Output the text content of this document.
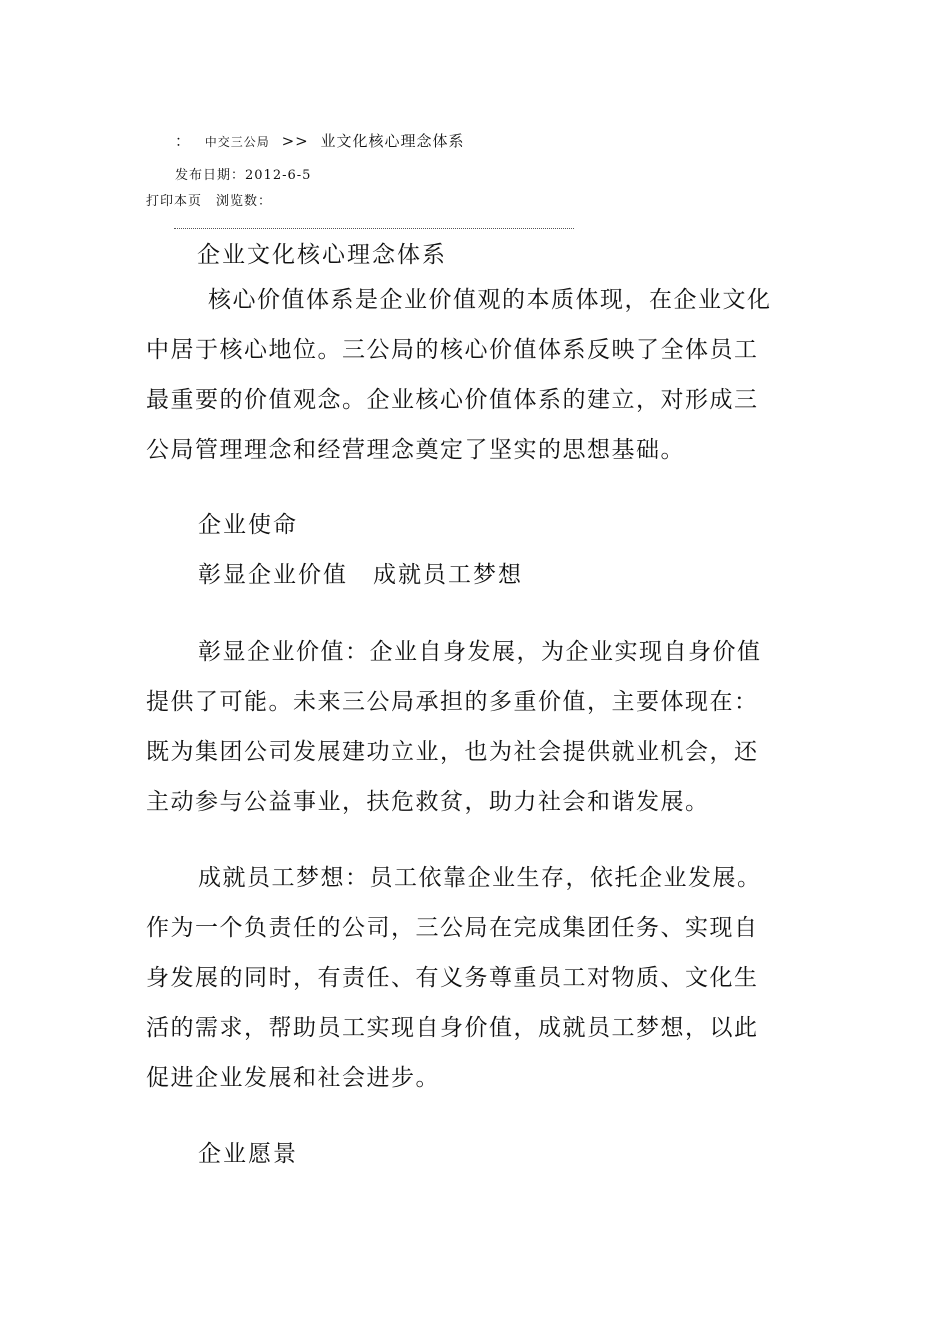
： 中交三公局 >> 业文化核心理念体系
发布日期：2012-6-5
打印本页 浏览数：
企业文化核心理念体系
核心价值体系是企业价值观的本质体现，在企业文化
中居于核心地位。三公局的核心价值体系反映了全体员工
最重要的价值观念。企业核心价值体系的建立，对形成三
公局管理理念和经营理念奠定了坚实的思想基础。
企业使命
彰显企业价值　成就员工梦想
彰显企业价值：企业自身发展，为企业实现自身价值
提供了可能。未来三公局承担的多重价值，主要体现在：
既为集团公司发展建功立业，也为社会提供就业机会，还
主动参与公益事业，扶危救贫，助力社会和谐发展。
成就员工梦想：员工依靠企业生存，依托企业发展。
作为一个负责任的公司，三公局在完成集团任务、实现自
身发展的同时，有责任、有义务尊重员工对物质、文化生
活的需求，帮助员工实现自身价值，成就员工梦想，以此
促进企业发展和社会进步。
企业愿景
